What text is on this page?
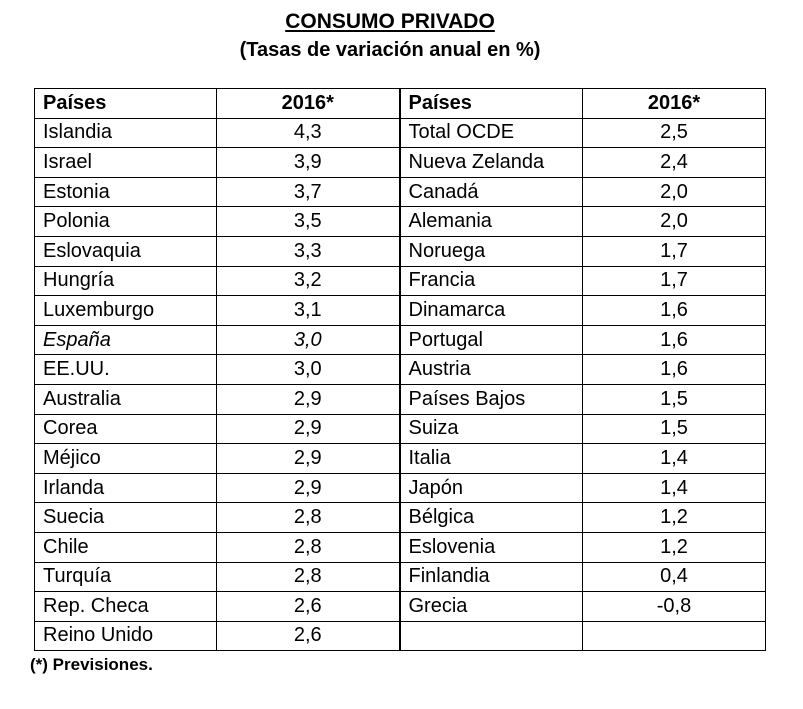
CONSUMO PRIVADO
(Tasas de variación anual en %)
Países	2016*	Países	2016*
Islandia	4,3	Total OCDE	2,5
Israel	3,9	Nueva Zelanda	2,4
Estonia	3,7	Canadá	2,0
Polonia	3,5	Alemania	2,0
Eslovaquia	3,3	Noruega	1,7
Hungría	3,2	Francia	1,7
Luxemburgo	3,1	Dinamarca	1,6
España	3,0	Portugal	1,6
EE.UU.	3,0	Austria	1,6
Australia	2,9	Países Bajos	1,5
Corea	2,9	Suiza	1,5
Méjico	2,9	Italia	1,4
Irlanda	2,9	Japón	1,4
Suecia	2,8	Bélgica	1,2
Chile	2,8	Eslovenia	1,2
Turquía	2,8	Finlandia	0,4
Rep. Checa	2,6	Grecia	-0,8
Reino Unido	2,6		
(*) Previsiones.
